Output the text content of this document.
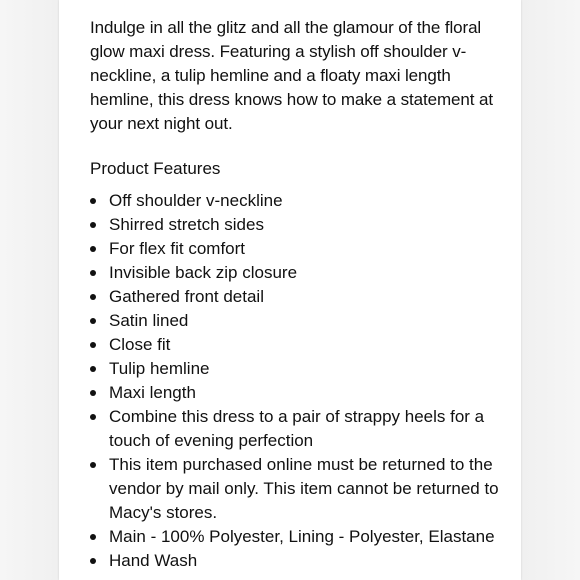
Indulge in all the glitz and all the glamour of the floral glow maxi dress. Featuring a stylish off shoulder v-neckline, a tulip hemline and a floaty maxi length hemline, this dress knows how to make a statement at your next night out.

Product Features
Off shoulder v-neckline
Shirred stretch sides
For flex fit comfort
Invisible back zip closure
Gathered front detail
Satin lined
Close fit
Tulip hemline
Maxi length
Combine this dress to a pair of strappy heels for a touch of evening perfection
This item purchased online must be returned to the vendor by mail only. This item cannot be returned to Macy's stores.
Main - 100% Polyester, Lining - Polyester, Elastane
Hand Wash
